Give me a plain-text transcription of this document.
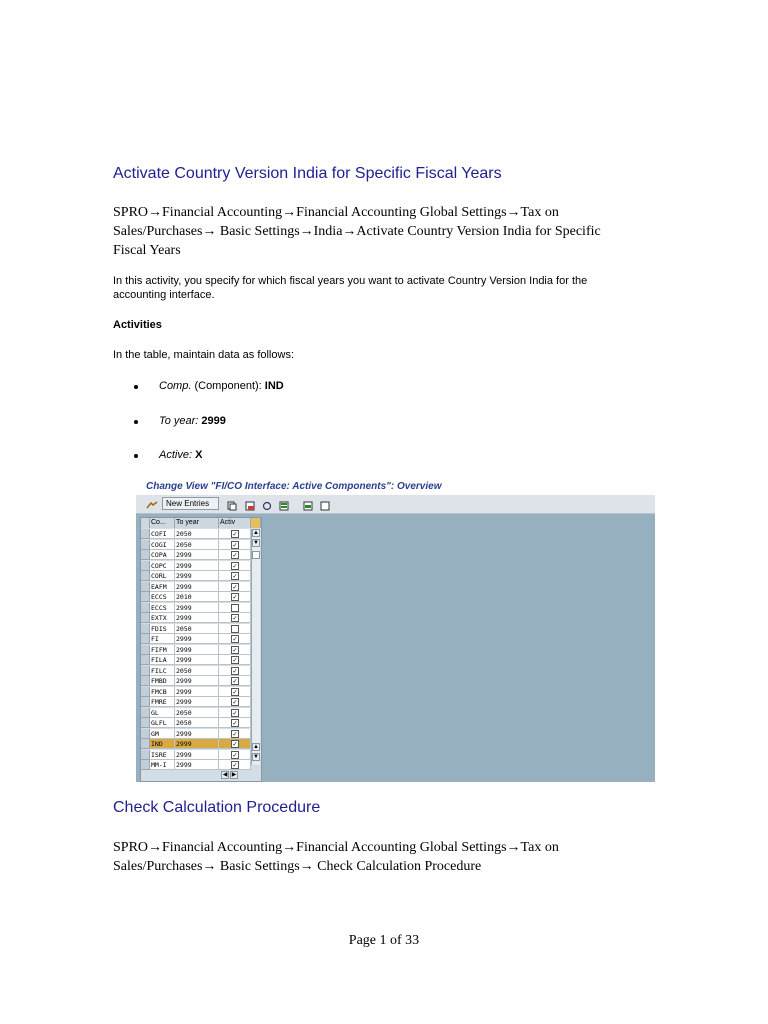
Activate Country Version India for Specific Fiscal Years
SPRO→Financial Accounting→Financial Accounting Global Settings→Tax on
Sales/Purchases→ Basic Settings→India→Activate Country Version India for Specific
Fiscal Years
In this activity, you specify for which fiscal years you want to activate Country Version India for the
accounting interface.
Activities
In the table, maintain data as follows:
Comp. (Component): IND
To year: 2999
Active: X
Change View "FI/CO Interface: Active Components": Overview
New Entries
Co...	To year	Activ
COFI	2050	✓
COGI	2050	✓
COPA	2999	✓
COPC	2999	✓
CORL	2999	✓
EAFM	2999	✓
ECCS	2010	✓
ECCS	2999
EXTX	2999	✓
FDIS	2050
FI	2999	✓
FIFM	2999	✓
FILA	2999	✓
FILC	2050	✓
FMBD	2999	✓
FMCB	2999	✓
FMRE	2999	✓
GL	2050	✓
GLFL	2050	✓
GM	2999	✓
IND	2999	✓
ISRE	2999	✓
MM-I	2999	✓
▲
▼
▲
▼
◀ ▶
Check Calculation Procedure
SPRO→Financial Accounting→Financial Accounting Global Settings→Tax on
Sales/Purchases→ Basic Settings→ Check Calculation Procedure
Page 1 of 33
